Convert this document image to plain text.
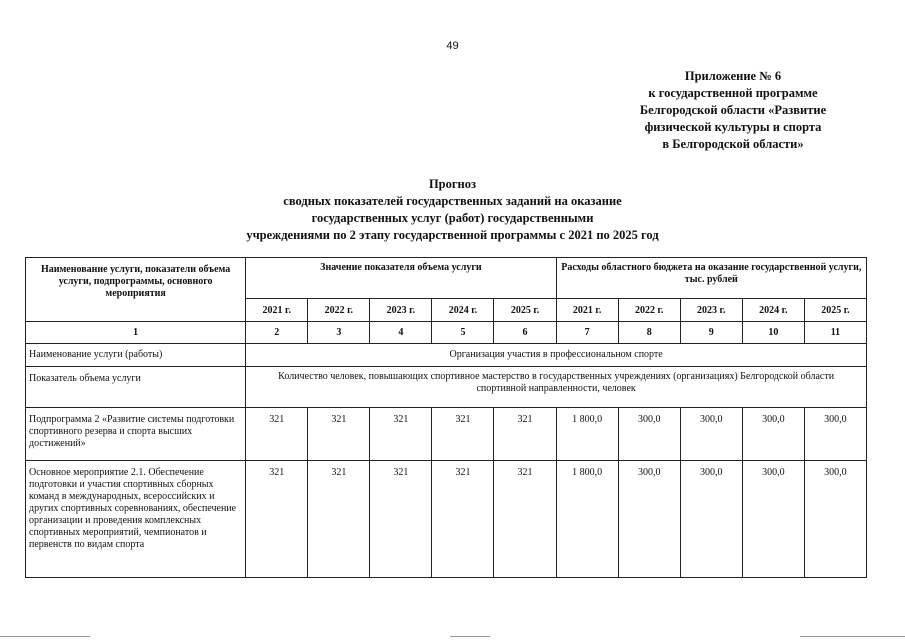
49
Приложение № 6
к государственной программе
Белгородской области «Развитие
физической культуры и спорта
в Белгородской области»
Прогноз
сводных показателей государственных заданий на оказание
государственных услуг (работ) государственными
учреждениями по 2 этапу государственной программы с 2021 по 2025 год
Наименование услуги, показатели объема услуги, подпрограммы, основного мероприятия	Значение показателя объема услуги					Расходы областного бюджета на оказание государственной услуги, тыс. рублей				
	2021 г.	2022 г.	2023 г.	2024 г.	2025 г.	2021 г.	2022 г.	2023 г.	2024 г.	2025 г.
1	2	3	4	5	6	7	8	9	10	11
Наименование услуги (работы)	Организация участия в профессиональном спорте									
Показатель объема услуги	Количество человек, повышающих спортивное мастерство в государственных учреждениях (организациях) Белгородской области спортивной направленности, человек									
Подпрограмма 2 «Развитие системы подготовки спортивного резерва и спорта высших достижений»	321	321	321	321	321	1 800,0	300,0	300,0	300,0	300,0
Основное мероприятие 2.1. Обеспечение подготовки и участия спортивных сборных команд в международных, всероссийских и других спортивных соревнованиях, обеспечение организации и проведения комплексных спортивных мероприятий, чемпионатов и первенств по видам спорта	321	321	321	321	321	1 800,0	300,0	300,0	300,0	300,0
